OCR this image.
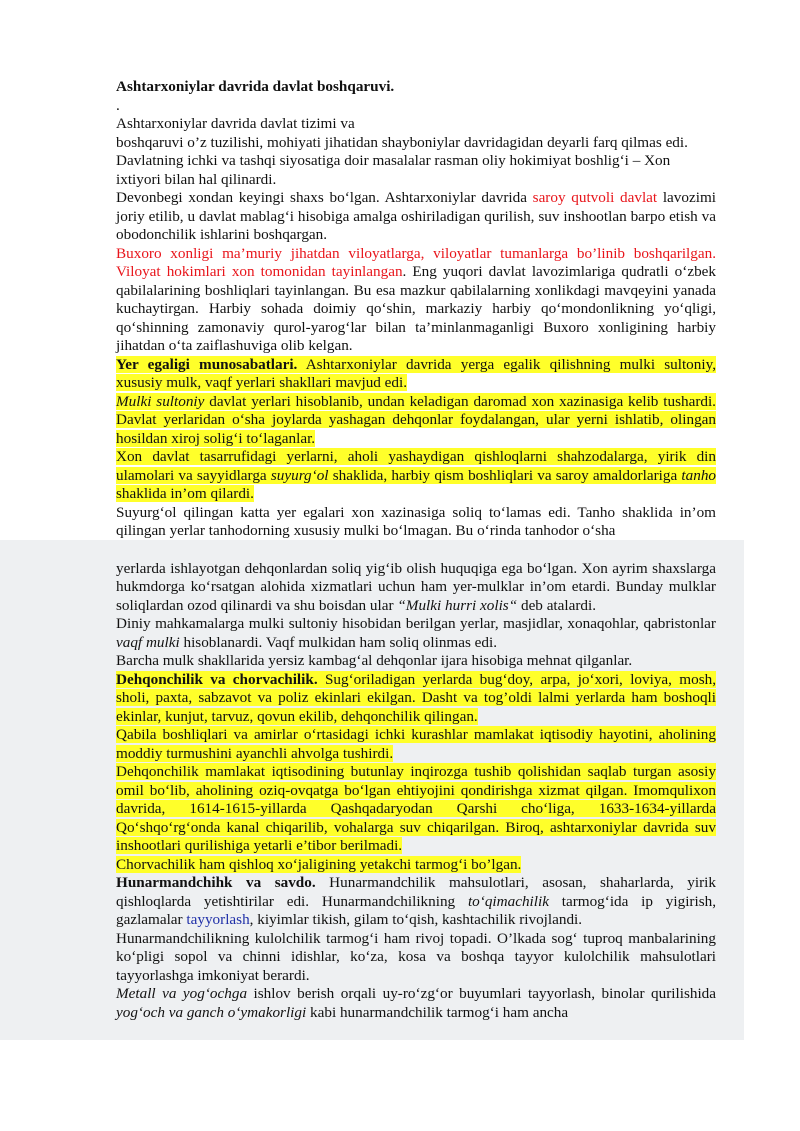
Ashtarxoniylar davrida davlat boshqaruvi.

.

Ashtarxoniylar davrida davlat tizimi va
boshqaruvi o’z tuzilishi, mohiyati jihatidan shayboniylar davridagidan deyarli farq qilmas edi. Davlatning ichki va tashqi siyosatiga doir masalalar rasman oliy hokimiyat boshlig‘i – Xon ixtiyori bilan hal qilinardi.

Devonbegi xondan keyingi shaxs bo‘lgan. Ashtarxoniylar davrida saroy qutvoli davlat lavozimi joriy etilib, u davlat mablag‘i hisobiga amalga oshiriladigan qurilish, suv inshootlan barpo etish va obodonchilik ishlarini boshqargan.

Buxoro xonligi ma’muriy jihatdan viloyatlarga, viloyatlar tumanlarga bo’linib boshqarilgan. Viloyat hokimlari xon tomonidan tayinlangan. Eng yuqori davlat lavozimlariga qudratli o‘zbek qabilalarining boshliqlari tayinlangan. Bu esa mazkur qabilalarning xonlikdagi mavqeyini yanada kuchaytirgan. Harbiy sohada doimiy qo‘shin, markaziy harbiy qo‘mondonlikning yo‘qligi, qo‘shinning zamonaviy qurol-yarog‘lar bilan ta’minlanmaganligi Buxoro xonligining harbiy jihatdan o‘ta zaiflashuviga olib kelgan.

Yer egaligi munosabatlari. Ashtarxoniylar davrida yerga egalik qilishning mulki sultoniy, xususiy mulk, vaqf yerlari shakllari mavjud edi.

Mulki sultoniy davlat yerlari hisoblanib, undan keladigan daromad xon xazinasiga kelib tushardi. Davlat yerlaridan o‘sha joylarda yashagan dehqonlar foydalangan, ular yerni ishlatib, olingan hosildan xiroj solig‘i to‘laganlar.

Xon davlat tasarrufidagi yerlarni, aholi yashaydigan qishloqlarni shahzodalarga, yirik din ulamolari va sayyidlarga suyurg‘ol shaklida, harbiy qism boshliqlari va saroy amaldorlariga tanho shaklida in’om qilardi.

Suyurg‘ol qilingan katta yer egalari xon xazinasiga soliq to‘lamas edi. Tanho shaklida in’om qilingan yerlar tanhodorning xususiy mulki bo‘lmagan. Bu o‘rinda tanhodor o‘sha

yerlarda ishlayotgan dehqonlardan soliq yig‘ib olish huquqiga ega bo‘lgan. Xon ayrim shaxslarga hukmdorga ko‘rsatgan alohida xizmatlari uchun ham yer-mulklar in’om etardi. Bunday mulklar soliqlardan ozod qilinardi va shu boisdan ular “Mulki hurri xolis“ deb atalardi.

Diniy mahkamalarga mulki sultoniy hisobidan berilgan yerlar, masjidlar, xonaqohlar, qabristonlar vaqf mulki hisoblanardi. Vaqf mulkidan ham soliq olinmas edi.

Barcha mulk shakllarida yersiz kambag‘al dehqonlar ijara hisobiga mehnat qilganlar.

Dehqonchilik va chorvachilik. Sug‘oriladigan yerlarda bug‘doy, arpa, jo‘xori, loviya, mosh, sholi, paxta, sabzavot va poliz ekinlari ekilgan. Dasht va tog’oldi lalmi yerlarda ham boshoqli ekinlar, kunjut, tarvuz, qovun ekilib, dehqonchilik qilingan.

Qabila boshliqlari va amirlar o‘rtasidagi ichki kurashlar mamlakat iqtisodiy hayotini, aholining moddiy turmushini ayanchli ahvolga tushirdi.

Dehqonchilik mamlakat iqtisodining butunlay inqirozga tushib qolishidan saqlab turgan asosiy omil bo‘lib, aholining oziq-ovqatga bo‘lgan ehtiyojini qondirishga xizmat qilgan. Imomqulixon davrida, 1614-1615-yillarda Qashqadaryodan Qarshi cho‘liga, 1633-1634-yillarda Qo‘shqo‘rg‘onda kanal chiqarilib, vohalarga suv chiqarilgan. Biroq, ashtarxoniylar davrida suv inshootlari qurilishiga yetarli e’tibor berilmadi.

Chorvachilik ham qishloq xo‘jaligining yetakchi tarmog‘i bo’lgan.

Hunarmandchihk va savdo. Hunarmandchilik mahsulotlari, asosan, shaharlarda, yirik qishloqlarda yetishtirilar edi. Hunarmandchilikning to‘qimachilik tarmog‘ida ip yigirish, gazlamalar tayyorlash, kiyimlar tikish, gilam to‘qish, kashtachilik rivojlandi.

Hunarmandchilikning kulolchilik tarmog‘i ham rivoj topadi. O’lkada sog‘ tuproq manbalarining ko‘pligi sopol va chinni idishlar, ko‘za, kosa va boshqa tayyor kulolchilik mahsulotlari tayyorlashga imkoniyat berardi.

Metall va yog‘ochga ishlov berish orqali uy-ro‘zg‘or buyumlari tayyorlash, binolar qurilishida yog‘och va ganch o‘ymakorligi kabi hunarmandchilik tarmog‘i ham ancha
